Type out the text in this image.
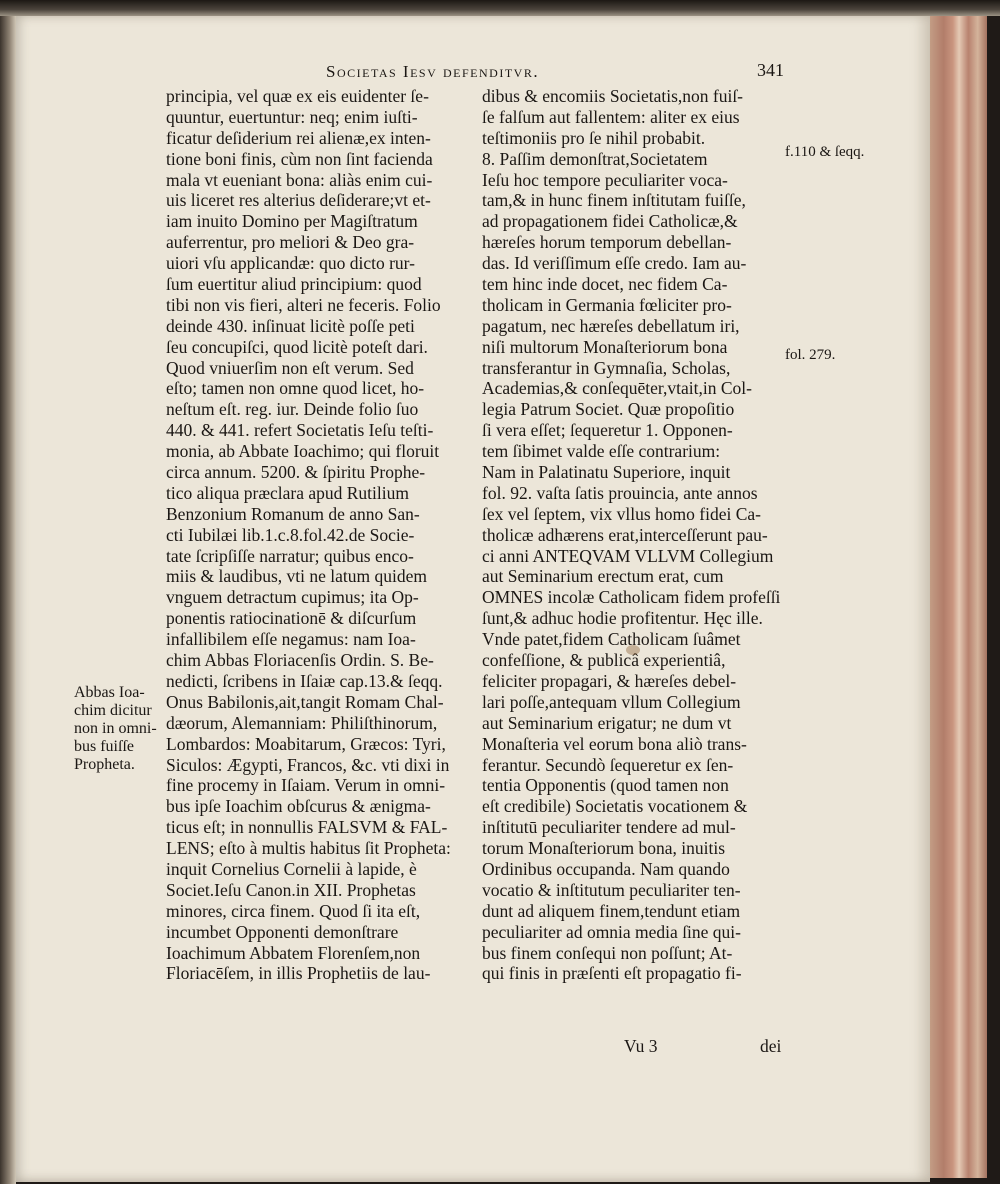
Societas Iesv defenditvr.	341
principia, vel quæ ex eis euidenter ſe-
quuntur, euertuntur: neq; enim iuſti-
ficatur deſiderium rei alienæ,ex inten-
tione boni finis, cùm non ſint facienda
mala vt eueniant bona: aliàs enim cui-
uis liceret res alterius deſiderare;vt et-
iam inuito Domino per Magiſtratum
auferrentur, pro meliori & Deo gra-
uiori vſu applicandæ: quo dicto rur-
ſum euertitur aliud principium: quod
tibi non vis fieri, alteri ne feceris. Folio
deinde 430. inſinuat licitè poſſe peti
ſeu concupiſci, quod licitè poteſt dari.
Quod vniuerſim non eſt verum. Sed
eſto; tamen non omne quod licet, ho-
neſtum eſt. reg. iur. Deinde folio ſuo
440. & 441. refert Societatis Ieſu teſti-
monia, ab Abbate Ioachimo; qui floruit
circa annum. 5200. & ſpiritu Prophe-
tico aliqua præclara apud Rutilium
Benzonium Romanum de anno San-
cti Iubilæi lib.1.c.8.fol.42.de Socie-
tate ſcripſiſſe narratur; quibus enco-
miis & laudibus, vti ne latum quidem
vnguem detractum cupimus; ita Op-
ponentis ratiocinationē & diſcurſum
infallibilem eſſe negamus: nam Ioa-
chim Abbas Floriacenſis Ordin. S. Be-
nedicti, ſcribens in Iſaiæ cap.13.& ſeqq.
Onus Babilonis,ait,tangit Romam Chal-
dæorum, Alemanniam: Philiſthinorum,
Lombardos: Moabitarum, Græcos: Tyri,
Siculos: Ægypti, Francos, &c. vti dixi in
fine procemy in Iſaiam. Verum in omni-
bus ipſe Ioachim obſcurus & ænigma-
ticus eſt; in nonnullis FALSVM & FAL-
LENS; eſto à multis habitus ſit Propheta:
inquit Cornelius Cornelii à lapide, è
Societ.Ieſu Canon.in XII. Prophetas
minores, circa finem. Quod ſi ita eſt,
incumbet Opponenti demonſtrare
Ioachimum Abbatem Florenſem,non
Floriacēſem, in illis Prophetiis de lau-
dibus & encomiis Societatis,non fuiſ-
ſe falſum aut fallentem: aliter ex eius
teſtimoniis pro ſe nihil probabit.
8. Paſſim demonſtrat,Societatem
Ieſu hoc tempore peculiariter voca-
tam,& in hunc finem inſtitutam fuiſſe,
ad propagationem fidei Catholicæ,&
hæreſes horum temporum debellan-
das. Id veriſſimum eſſe credo. Iam au-
tem hinc inde docet, nec fidem Ca-
tholicam in Germania fœliciter pro-
pagatum, nec hæreſes debellatum iri,
niſi multorum Monaſteriorum bona
transferantur in Gymnaſia, Scholas,
Academias,& conſequēter,vtait,in Col-
legia Patrum Societ. Quæ propoſitio
ſi vera eſſet; ſequeretur 1. Opponen-
tem ſibimet valde eſſe contrarium:
Nam in Palatinatu Superiore, inquit
fol. 92. vaſta ſatis prouincia, ante annos
ſex vel ſeptem, vix vllus homo fidei Ca-
tholicæ adhærens erat,interceſſerunt pau-
ci anni ANTEQVAM VLLVM Collegium
aut Seminarium erectum erat, cum
OMNES incolæ Catholicam fidem profeſſi
ſunt,& adhuc hodie profitentur. Hęc ille.
Vnde patet,fidem Catholicam ſuâmet
confeſſione, & publicâ experientiâ,
feliciter propagari, & hæreſes debel-
lari poſſe,antequam vllum Collegium
aut Seminarium erigatur; ne dum vt
Monaſteria vel eorum bona aliò trans-
ferantur. Secundò ſequeretur ex ſen-
tentia Opponentis (quod tamen non
eſt credibile) Societatis vocationem &
inſtitutū peculiariter tendere ad mul-
torum Monaſteriorum bona, inuitis
Ordinibus occupanda. Nam quando
vocatio & inſtitutum peculiariter ten-
dunt ad aliquem finem,tendunt etiam
peculiariter ad omnia media ſine qui-
bus finem conſequi non poſſunt; At-
qui finis in præſenti eſt propagatio fi-
Abbas Ioa-
chim dicitur
non in omni-
bus fuiſſe
Propheta.
f.110 & ſeqq.
fol. 279.
Vu 3	dei
